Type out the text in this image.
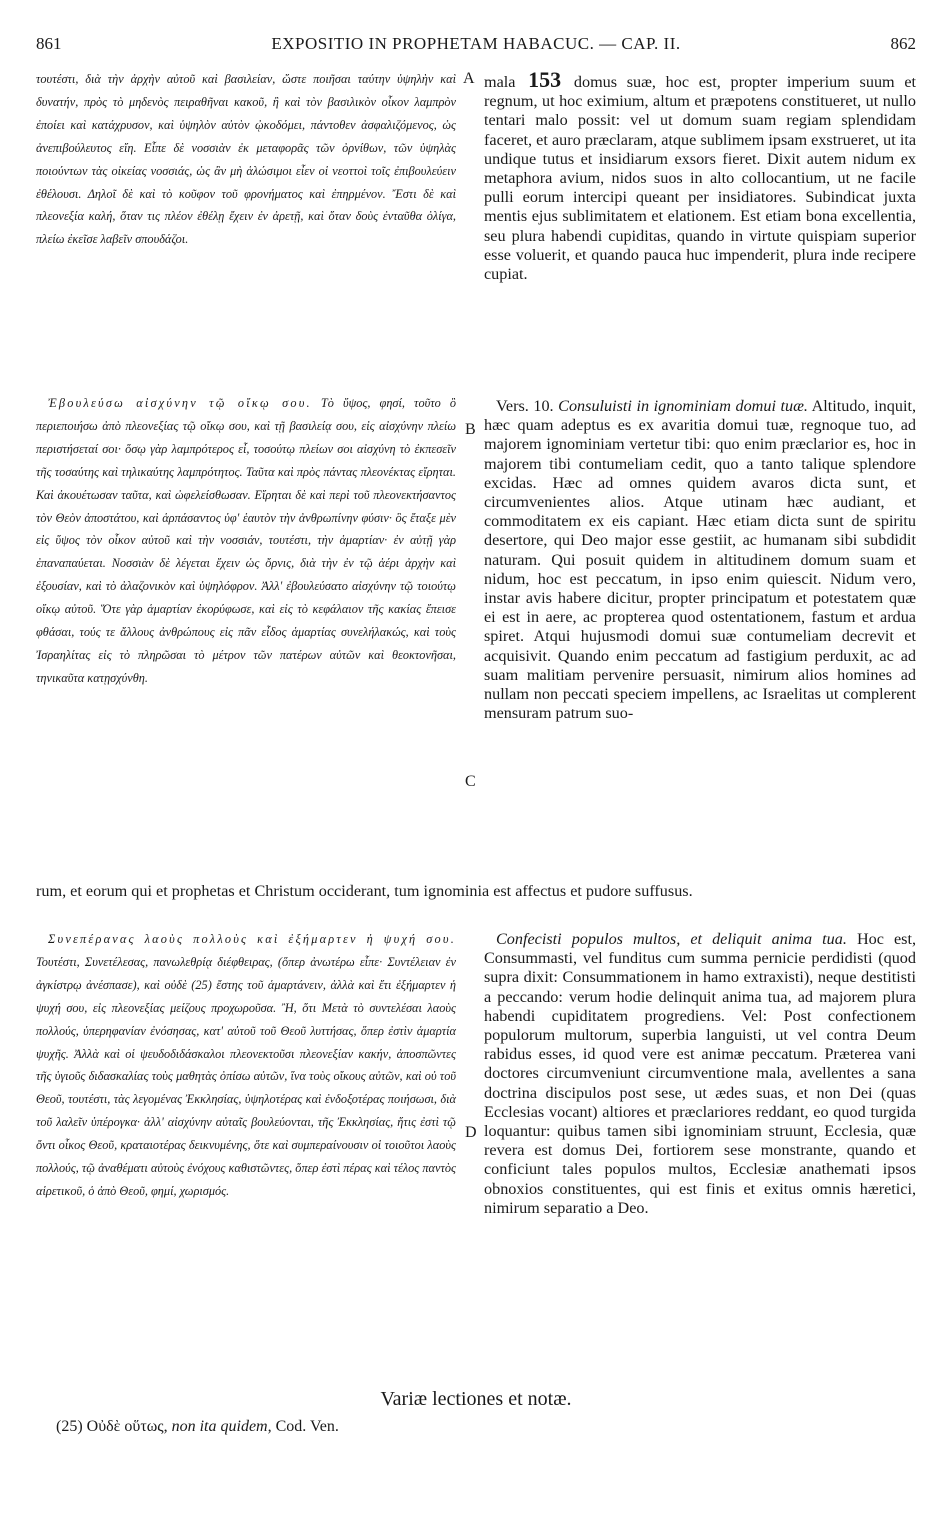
861	EXPOSITIO IN PROPHETAM HABACUC. — CAP. II.	862

τουτέστι, διὰ τὴν ἀρχὴν αὐτοῦ καὶ βασιλείαν, ὥστε ποιῆσαι ταύτην ὑψηλὴν καὶ δυνατήν, πρὸς τὸ μηδενὸς πειραθῆναι κακοῦ, ἢ καὶ τὸν βασιλικὸν οἶκον λαμπρὸν ἐποίει καὶ κατάχρυσον, καὶ ὑψηλὸν αὐτὸν ᾠκοδόμει, πάντοθεν ἀσφαλιζόμενος, ὡς ἀνεπιβούλευτος εἴη. Εἶπε δὲ νοσσιὰν ἐκ μεταφορᾶς τῶν ὀρνίθων, τῶν ὑψηλὰς ποιούντων τὰς οἰκείας νοσσιάς, ὡς ἂν μὴ ἁλώσιμοι εἶεν οἱ νεοττοὶ τοῖς ἐπιβουλεύειν ἐθέλουσι. Δηλοῖ δὲ καὶ τὸ κοῦφον τοῦ φρονήματος καὶ ἐπηρμένον. Ἔστι δὲ καὶ πλεονεξία καλή, ὅταν τις πλέον ἐθέλῃ ἔχειν ἐν ἀρετῇ, καὶ ὅταν δοὺς ἐνταῦθα ὀλίγα, πλείω ἐκεῖσε λαβεῖν σπουδάζοι.

Ἐβουλεύσω αἰσχύνην τῷ οἴκῳ σου. Τὸ ὕψος, φησί, τοῦτο ὃ περιεποιήσω ἀπὸ πλεονεξίας τῷ οἴκῳ σου, καὶ τῇ βασιλείᾳ σου, εἰς αἰσχύνην πλείω περιστήσεταί σοι· ὅσῳ γὰρ λαμπρότερος εἶ, τοσούτῳ πλείων σοι αἰσχύνη τὸ ἐκπεσεῖν τῆς τοσαύτης καὶ τηλικαύτης λαμπρότητος. Ταῦτα καὶ πρὸς πάντας πλεονέκτας εἴρηται. Καὶ ἀκουέτωσαν ταῦτα, καὶ ὠφελείσθωσαν. Εἴρηται δὲ καὶ περὶ τοῦ πλεονεκτήσαντος τὸν Θεὸν ἀποστάτου, καὶ ἁρπάσαντος ὑφ' ἑαυτὸν τὴν ἀνθρωπίνην φύσιν· ὃς ἔταξε μὲν εἰς ὕψος τὸν οἶκον αὐτοῦ καὶ τὴν νοσσιάν, τουτέστι, τὴν ἁμαρτίαν· ἐν αὐτῇ γὰρ ἐπαναπαύεται. Νοσσιὰν δὲ λέγεται ἔχειν ὡς ὄρνις, διὰ τὴν ἐν τῷ ἀέρι ἀρχὴν καὶ ἐξουσίαν, καὶ τὸ ἀλαζονικὸν καὶ ὑψηλόφρον. Ἀλλ' ἐβουλεύσατο αἰσχύνην τῷ τοιούτῳ οἴκῳ αὐτοῦ. Ὅτε γὰρ ἁμαρτίαν ἐκορύφωσε, καὶ εἰς τὸ κεφάλαιον τῆς κακίας ἔπεισε φθάσαι, τούς τε ἄλλους ἀνθρώπους εἰς πᾶν εἶδος ἁμαρτίας συνελήλακώς, καὶ τοὺς Ἰσραηλίτας εἰς τὸ πληρῶσαι τὸ μέτρον τῶν πατέρων αὐτῶν καὶ θεοκτονῆσαι, τηνικαῦτα κατῃσχύνθη.

mala 153 domus suæ, hoc est, propter imperium suum et regnum, ut hoc eximium, altum et præpotens constitueret, ut nullo tentari malo possit: vel ut domum suam regiam splendidam faceret, et auro præclaram, atque sublimem ipsam exstrueret, ut ita undique tutus et insidiarum exsors fieret. Dixit autem nidum ex metaphora avium, nidos suos in alto collocantium, ut ne facile pulli eorum intercipi queant per insidiatores. Subindicat juxta mentis ejus sublimitatem et elationem. Est etiam bona excellentia, seu plura habendi cupiditas, quando in virtute quispiam superior esse voluerit, et quando pauca huc impenderit, plura inde recipere cupiat.

Vers. 10. Consuluisti in ignominiam domui tuæ. Altitudo, inquit, hæc quam adeptus es ex avaritia domui tuæ, regnoque tuo, ad majorem ignominiam vertetur tibi: quo enim præclarior es, hoc in majorem tibi contumeliam cedit, quo a tanto talique splendore excidas. Hæc ad omnes quidem avaros dicta sunt, et circumvenientes alios. Atque utinam hæc audiant, et commoditatem ex eis capiant. Hæc etiam dicta sunt de spiritu desertore, qui Deo major esse gestiit, ac humanam sibi subdidit naturam. Qui posuit quidem in altitudinem domum suam et nidum, hoc est peccatum, in ipso enim quiescit. Nidum vero, instar avis habere dicitur, propter principatum et potestatem quæ ei est in aere, ac propterea quod ostentationem, fastum et ardua spiret. Atqui hujusmodi domui suæ contumeliam decrevit et acquisivit. Quando enim peccatum ad fastigium perduxit, ac ad suam malitiam pervenire persuasit, nimirum alios homines ad nullam non peccati speciem impellens, ac Israelitas ut complerent mensuram patrum suo-

rum, et eorum qui et prophetas et Christum occiderant, tum ignominia est affectus et pudore suffusus.

Συνεπέρανας λαοὺς πολλοὺς καὶ ἐξήμαρτεν ἡ ψυχή σου. Τουτέστι, Συνετέλεσας, πανωλεθρίᾳ διέφθειρας, (ὅπερ ἀνωτέρω εἶπε· Συντέλειαν ἐν ἀγκίστρῳ ἀνέσπασε), καὶ οὐδὲ (25) ἔστης τοῦ ἁμαρτάνειν, ἀλλὰ καὶ ἔτι ἐξήμαρτεν ἡ ψυχή σου, εἰς πλεονεξίας μείζους προχωροῦσα. Ἢ, ὅτι Μετὰ τὸ συντελέσαι λαοὺς πολλούς, ὑπερηφανίαν ἐνόσησας, κατ' αὐτοῦ τοῦ Θεοῦ λυττήσας, ὅπερ ἐστὶν ἁμαρτία ψυχῆς. Ἀλλὰ καὶ οἱ ψευδοδιδάσκαλοι πλεονεκτοῦσι πλεονεξίαν κακήν, ἀποσπῶντες τῆς ὑγιοῦς διδασκαλίας τοὺς μαθητὰς ὀπίσω αὐτῶν, ἵνα τοὺς οἴκους αὐτῶν, καὶ οὐ τοῦ Θεοῦ, τουτέστι, τὰς λεγομένας Ἐκκλησίας, ὑψηλοτέρας καὶ ἐνδοξοτέρας ποιήσωσι, διὰ τοῦ λαλεῖν ὑπέρογκα· ἀλλ' αἰσχύνην αὐταῖς βουλεύονται, τῆς Ἐκκλησίας, ἥτις ἐστὶ τῷ ὄντι οἶκος Θεοῦ, κραταιοτέρας δεικνυμένης, ὅτε καὶ συμπεραίνουσιν οἱ τοιοῦτοι λαοὺς πολλούς, τῷ ἀναθέματι αὐτοὺς ἐνόχους καθιστῶντες, ὅπερ ἐστὶ πέρας καὶ τέλος παντὸς αἱρετικοῦ, ὁ ἀπὸ Θεοῦ, φημί, χωρισμός.

Confecisti populos multos, et deliquit anima tua. Hoc est, Consummasti, vel funditus cum summa pernicie perdidisti (quod supra dixit: Consummationem in hamo extraxisti), neque destitisti a peccando: verum hodie delinquit anima tua, ad majorem plura habendi cupiditatem progrediens. Vel: Post confectionem populorum multorum, superbia languisti, ut vel contra Deum rabidus esses, id quod vere est animæ peccatum. Præterea vani doctores circumveniunt circumventione mala, avellentes a sana doctrina discipulos post sese, ut ædes suas, et non Dei (quas Ecclesias vocant) altiores et præclariores reddant, eo quod turgida loquantur: quibus tamen sibi ignominiam struunt, Ecclesia, quæ revera est domus Dei, fortiorem sese monstrante, quando et conficiunt tales populos multos, Ecclesiæ anathemati ipsos obnoxios constituentes, qui est finis et exitus omnis hæretici, nimirum separatio a Deo.

A
B
C
D
Variæ lectiones et notæ.
(25) Οὐδὲ οὕτως, non ita quidem, Cod. Ven.
